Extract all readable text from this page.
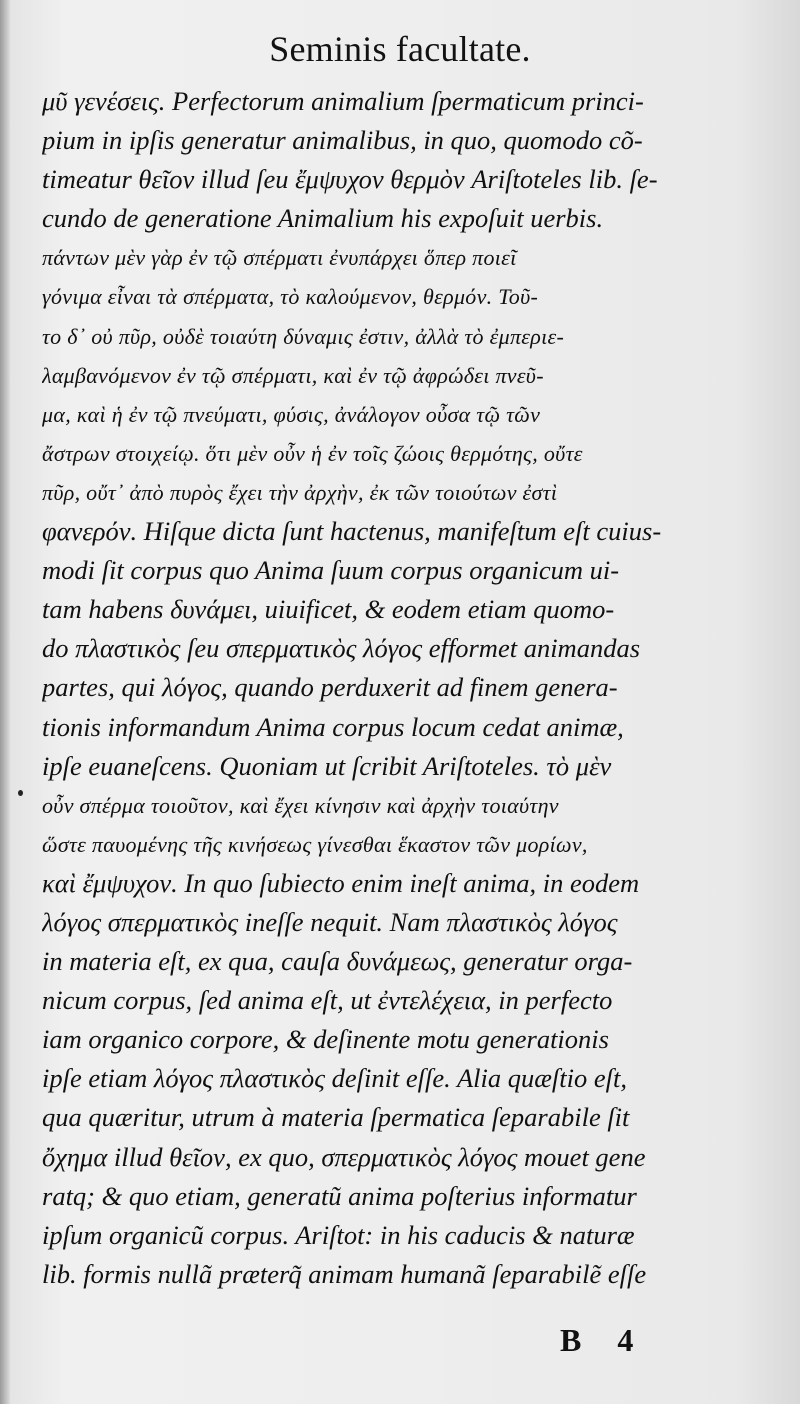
Seminis facultate.
μῦ γενέσεις. Perfectorum animalium ſpermaticum princi-
pium in ipſis generatur animalibus, in quo, quomodo cõ-
timeatur θεῖον illud ſeu ἔμψυχον θερμὸν Ariſtoteles lib. ſe-
cundo de generatione Animalium his expoſuit uerbis.
πάντων μὲν γὰρ ἐν τῷ σπέρματι ἐνυπάρχει ὅπερ ποιεῖ
γόνιμα εἶναι τὰ σπέρματα, τὸ καλούμενον, θερμόν. Τοῦ-
το δ᾽ οὐ πῦρ, οὐδὲ τοιαύτη δύναμις ἐστιν, ἀλλὰ τὸ ἐμπεριε-
λαμβανόμενον ἐν τῷ σπέρματι, καὶ ἐν τῷ ἀφρώδει πνεῦ-
μα, καὶ ἡ ἐν τῷ πνεύματι, φύσις, ἀνάλογον οὖσα τῷ τῶν
ἄστρων στοιχείῳ. ὅτι μὲν οὖν ἡ ἐν τοῖς ζώοις θερμότης, οὔτε
πῦρ, οὔτ᾽ ἀπὸ πυρὸς ἔχει τὴν ἀρχὴν, ἐκ τῶν τοιούτων ἐστὶ
φανερόν. Hiſque dicta ſunt hactenus, manifeſtum eſt cuius-
modi ſit corpus quo Anima ſuum corpus organicum ui-
tam habens δυνάμει, uiuificet, & eodem etiam quomo-
do πλαστικὸς ſeu σπερματικὸς λόγος efformet animandas
partes, qui λόγος, quando perduxerit ad finem genera-
tionis informandum Anima corpus locum cedat animæ,
ipſe euaneſcens. Quoniam ut ſcribit Ariſtoteles. τὸ μὲν
οὖν σπέρμα τοιοῦτον, καὶ ἔχει κίνησιν καὶ ἀρχὴν τοιαύτην
ὥστε παυομένης τῆς κινήσεως γίνεσθαι ἕκαστον τῶν μορίων,
καὶ ἔμψυχον. In quo ſubiecto enim ineſt anima, in eodem
λόγος σπερματικὸς ineſſe nequit. Nam πλαστικὸς λόγος
in materia eſt, ex qua, cauſa δυνάμεως, generatur orga-
nicum corpus, ſed anima eſt, ut ἐντελέχεια, in perfecto
iam organico corpore, & deſinente motu generationis
ipſe etiam λόγος πλαστικὸς deſinit eſſe. Alia quæſtio eſt,
qua quæritur, utrum à materia ſpermatica ſeparabile ſit
ὄχημα illud θεῖον, ex quo, σπερματικὸς λόγος mouet gene
ratq; & quo etiam, generatũ anima poſterius informatur
ipſum organicũ corpus. Ariſtot: in his caducis & naturæ
lib. formis nullã præterq̃ animam humanã ſeparabilẽ eſſe
B 4
